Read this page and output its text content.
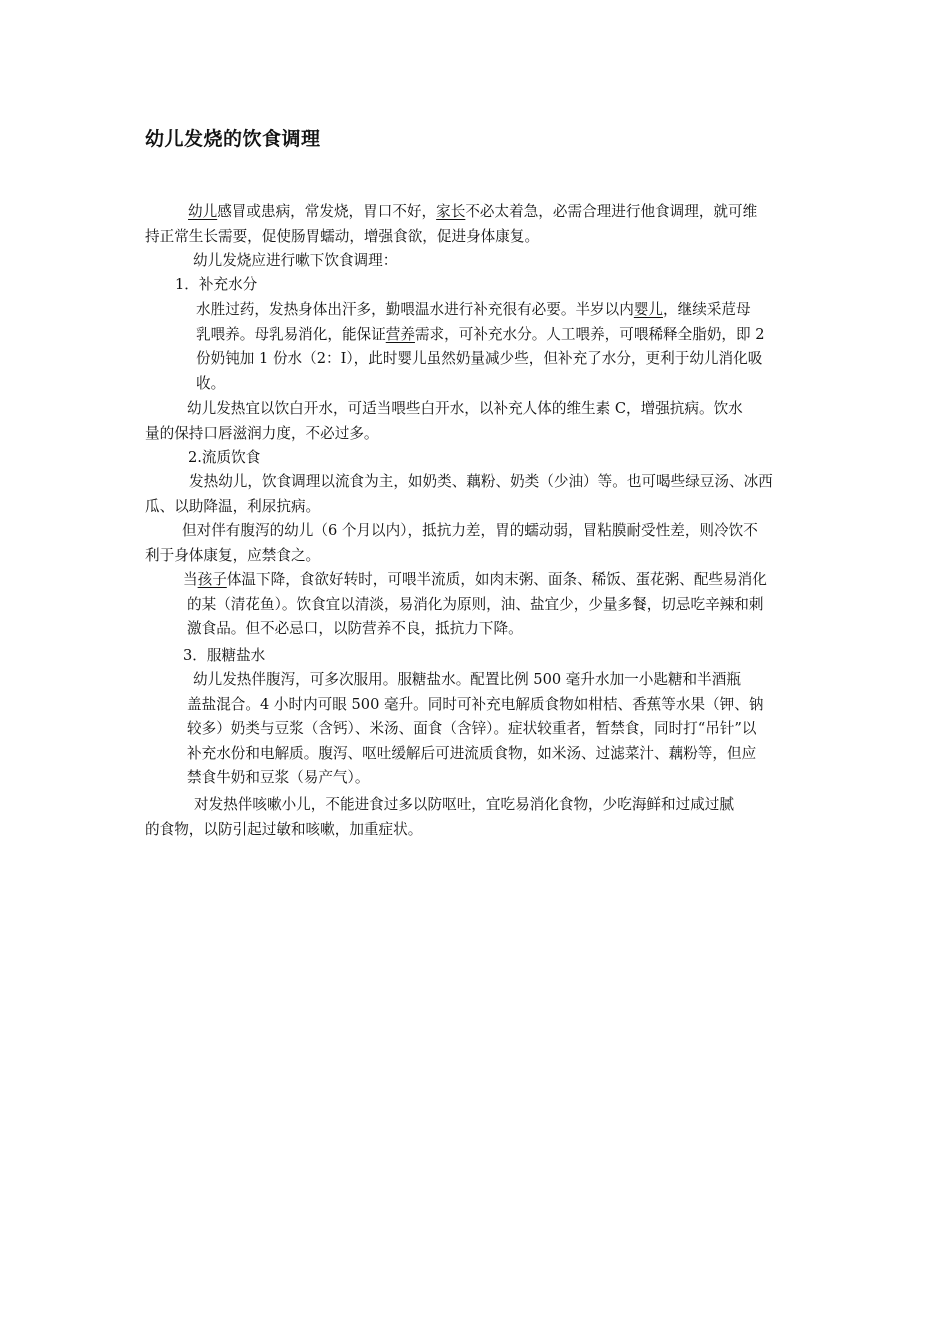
幼儿发烧的饮食调理
幼儿感冒或患病，常发烧，胃口不好，家长不必太着急，必需合理进行他食调理，就可维
持正常生长需要，促使肠胃蠕动，增强食欲，促进身体康复。
幼儿发烧应进行嗽下饮食调理：
1．补充水分
水胜过药，发热身体出汗多，勤喂温水进行补充很有必要。半岁以内婴儿，继续采苊母
乳喂养。母乳易消化，能保证营养需求，可补充水分。人工喂养，可喂稀释全脂奶，即 2
份奶钝加 1 份水（2：I），此时婴儿虽然奶量减少些，但补充了水分，更利于幼儿消化吸
收。
幼儿发热宜以饮白开水，可适当喂些白开水，以补充人体的维生素 C，增强抗病。饮水
量的保持口唇滋润力度，不必过多。
2.流质饮食
发热幼儿，饮食调理以流食为主，如奶类、藕粉、奶类（少油）等。也可喝些绿豆汤、冰西
瓜、以助降温，利尿抗病。
但对伴有腹泻的幼儿（6 个月以内），抵抗力差，胃的蠕动弱，冒粘膜耐受性差，则冷饮不
利于身体康复，应禁食之。
当孩子体温下降，食欲好转时，可喂半流质，如肉末粥、面条、稀饭、蛋花粥、配些易消化
的某（清花鱼）。饮食宜以清淡，易消化为原则，油、盐宜少，少量多餐，切忌吃辛辣和刺
激食品。但不必忌口，以防营养不良，抵抗力下降。
3．服糖盐水
幼儿发热伴腹泻，可多次服用。服糖盐水。配置比例 500 毫升水加一小匙糖和半酒瓶
盖盐混合。4 小时内可眼 500 毫升。同时可补充电解质食物如柑桔、香蕉等水果（钾、钠
较多）奶类与豆浆（含钙）、米汤、面食（含锌）。症状较重者，暂禁食，同时打“吊针”以
补充水份和电解质。腹泻、呕吐缓解后可进流质食物，如米汤、过滤菜汁、藕粉等，但应
禁食牛奶和豆浆（易产气）。
对发热伴咳嗽小儿，不能进食过多以防呕吐，宜吃易消化食物，少吃海鲜和过咸过腻
的食物，以防引起过敏和咳嗽，加重症状。
